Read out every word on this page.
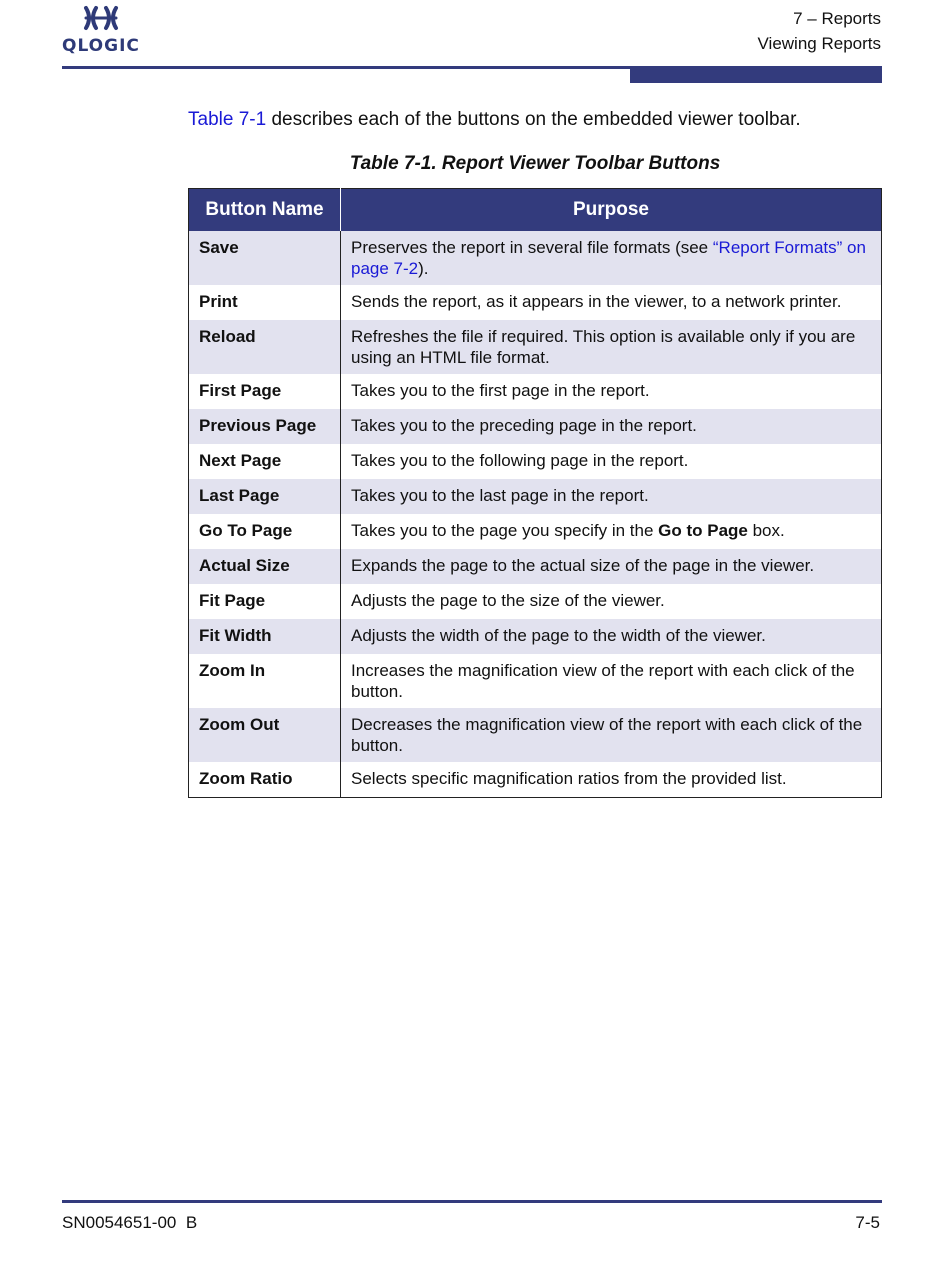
QLOGIC
7 – Reports
Viewing Reports
Table 7-1 describes each of the buttons on the embedded viewer toolbar.
Table 7-1. Report Viewer Toolbar Buttons
Button Name	Purpose
Save	Preserves the report in several file formats (see “Report Formats” on page 7-2).
Print	Sends the report, as it appears in the viewer, to a network printer.
Reload	Refreshes the file if required. This option is available only if you are using an HTML file format.
First Page	Takes you to the first page in the report.
Previous Page	Takes you to the preceding page in the report.
Next Page	Takes you to the following page in the report.
Last Page	Takes you to the last page in the report.
Go To Page	Takes you to the page you specify in the Go to Page box.
Actual Size	Expands the page to the actual size of the page in the viewer.
Fit Page	Adjusts the page to the size of the viewer.
Fit Width	Adjusts the width of the page to the width of the viewer.
Zoom In	Increases the magnification view of the report with each click of the button.
Zoom Out	Decreases the magnification view of the report with each click of the button.
Zoom Ratio	Selects specific magnification ratios from the provided list.
SN0054651-00  B	7-5
